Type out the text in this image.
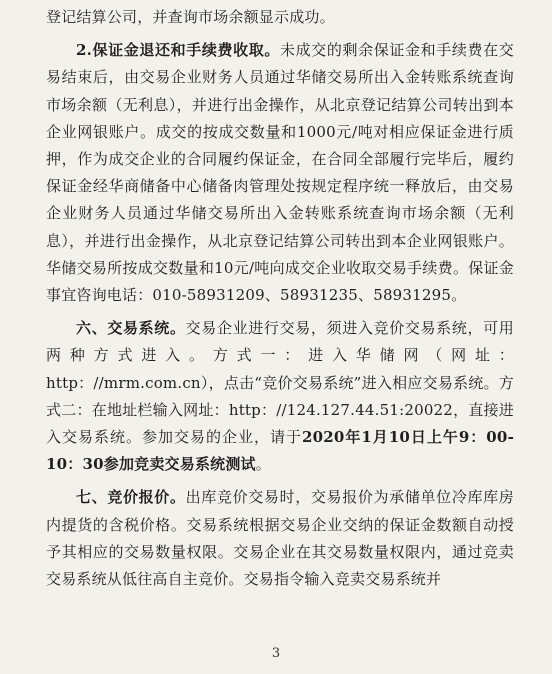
登记结算公司，并查询市场余额显示成功。

2.保证金退还和手续费收取。未成交的剩余保证金和手续费在交易结束后，由交易企业财务人员通过华储交易所出入金转账系统查询市场余额（无利息），并进行出金操作，从北京登记结算公司转出到本企业网银账户。成交的按成交数量和1000元/吨对相应保证金进行质押，作为成交企业的合同履约保证金，在合同全部履行完毕后，履约保证金经华商储备中心储备肉管理处按规定程序统一释放后，由交易企业财务人员通过华储交易所出入金转账系统查询市场余额（无利息），并进行出金操作，从北京登记结算公司转出到本企业网银账户。华储交易所按成交数量和10元/吨向成交企业收取交易手续费。保证金事宜咨询电话：010-58931209、58931235、58931295。

六、交易系统。交易企业进行交易，须进入竞价交易系统，可用两种方式进入。方式一：进入华储网（网址：http：//mrm.com.cn），点击“竞价交易系统”进入相应交易系统。方式二：在地址栏输入网址：http：//124.127.44.51:20022，直接进入交易系统。参加交易的企业，请于2020年1月10日上午9：00-10：30参加竞卖交易系统测试。

七、竞价报价。出库竞价交易时，交易报价为承储单位冷库库房内提货的含税价格。交易系统根据交易企业交纳的保证金数额自动授予其相应的交易数量权限。交易企业在其交易数量权限内，通过竞卖交易系统从低往高自主竞价。交易指令输入竞卖交易系统并

3
